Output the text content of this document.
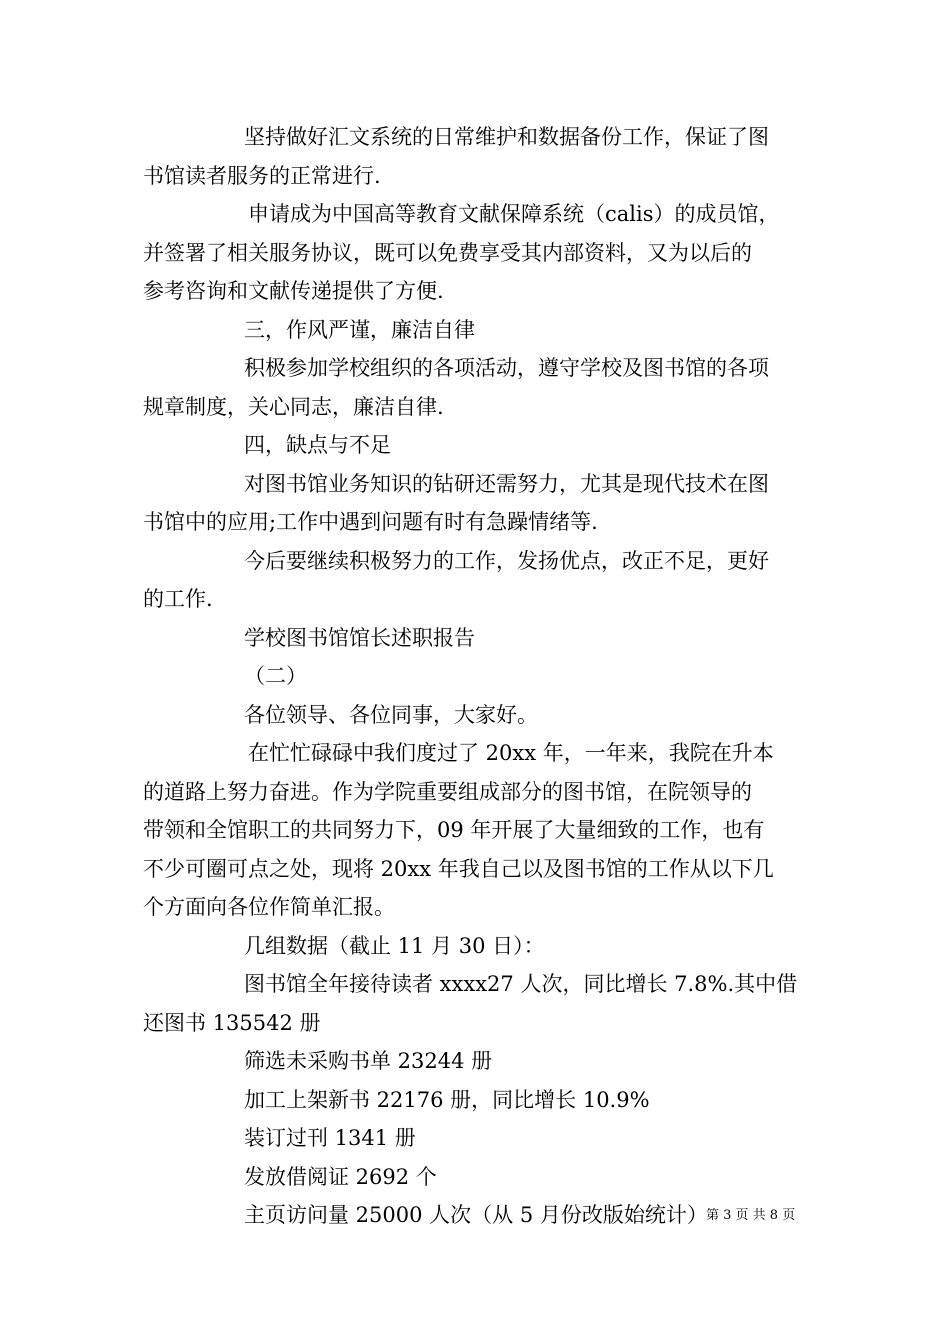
坚持做好汇文系统的日常维护和数据备份工作，保证了图
书馆读者服务的正常进行.
申请成为中国高等教育文献保障系统（calis）的成员馆，
并签署了相关服务协议，既可以免费享受其内部资料，又为以后的
参考咨询和文献传递提供了方便.
三，作风严谨，廉洁自律
积极参加学校组织的各项活动，遵守学校及图书馆的各项
规章制度，关心同志，廉洁自律.
四，缺点与不足
对图书馆业务知识的钻研还需努力，尤其是现代技术在图
书馆中的应用;工作中遇到问题有时有急躁情绪等.
今后要继续积极努力的工作，发扬优点，改正不足，更好
的工作.
学校图书馆馆长述职报告
（二）
各位领导、各位同事，大家好。
在忙忙碌碌中我们度过了 20xx 年，一年来，我院在升本
的道路上努力奋进。作为学院重要组成部分的图书馆，在院领导的
带领和全馆职工的共同努力下，09 年开展了大量细致的工作，也有
不少可圈可点之处，现将 20xx 年我自己以及图书馆的工作从以下几
个方面向各位作简单汇报。
几组数据（截止 11 月 30 日）：
图书馆全年接待读者 xxxx27 人次，同比增长 7.8%.其中借
还图书 135542 册
筛选未采购书单 23244 册
加工上架新书 22176 册，同比增长 10.9%
装订过刊 1341 册
发放借阅证 2692 个
主页访问量 25000 人次（从 5 月份改版始统计）
第 3 页 共 8 页
